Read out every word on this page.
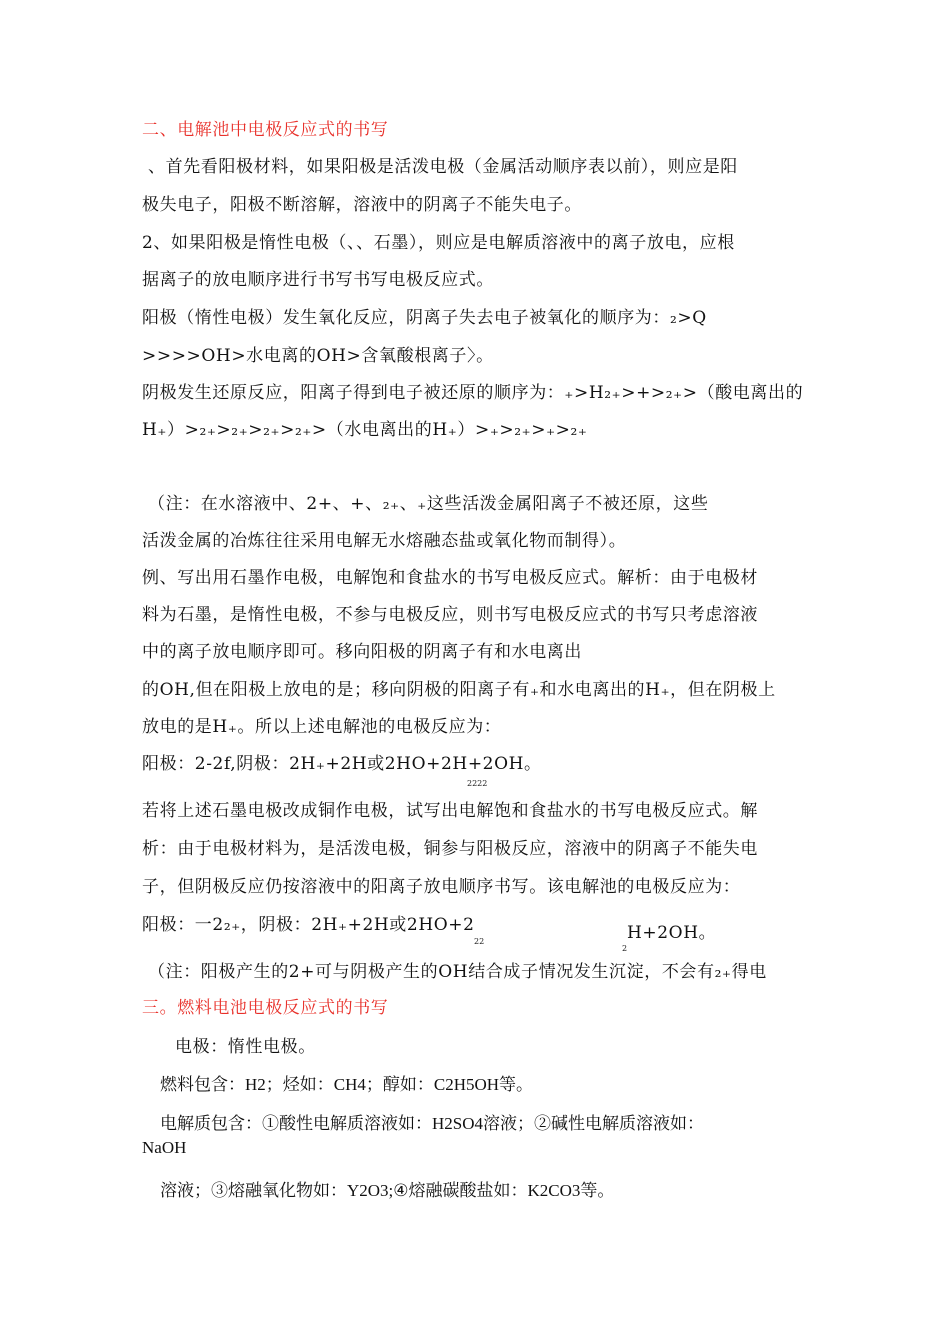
二、电解池中电极反应式的书写
、首先看阳极材料，如果阳极是活泼电极（金属活动顺序表以前），则应是阳
极失电子，阳极不断溶解，溶液中的阴离子不能失电子。
2、如果阳极是惰性电极（、、石墨），则应是电解质溶液中的离子放电，应根
据离子的放电顺序进行书写书写电极反应式。
阳极（惰性电极）发生氧化反应，阴离子失去电子被氧化的顺序为：₂>Q
>>>>OH>水电离的OH>含氧酸根离子〉。
阴极发生还原反应，阳离子得到电子被还原的顺序为：₊>H₂₊>+>₂₊>（酸电离出的
H₊）>₂₊>₂₊>₂₊>₂₊>（水电离出的H₊）>₊>₂₊>₊>₂₊
（注：在水溶液中、2+、+、₂₊、₊这些活泼金属阳离子不被还原，这些
活泼金属的冶炼往往采用电解无水熔融态盐或氧化物而制得）。
例、写出用石墨作电极，电解饱和食盐水的书写电极反应式。解析：由于电极材
料为石墨，是惰性电极，不参与电极反应，则书写电极反应式的书写只考虑溶液
中的离子放电顺序即可。移向阳极的阴离子有和水电离出
的OH,但在阳极上放电的是；移向阴极的阳离子有₊和水电离出的H₊，但在阴极上
放电的是H₊。所以上述电解池的电极反应为：
阳极：2-2f,阴极：2H₊+2H或2HO+2H+2OH。
2222
若将上述石墨电极改成铜作电极，试写出电解饱和食盐水的书写电极反应式。解
析：由于电极材料为，是活泼电极，铜参与阳极反应，溶液中的阴离子不能失电
子，但阴极反应仍按溶液中的阳离子放电顺序书写。该电解池的电极反应为：
阳极：一2₂₊，阴极：2H₊+2H或2HO+2
22	H+2OH。
2
（注：阳极产生的2+可与阴极产生的OH结合成子情况发生沉淀，不会有₂₊得电
三。燃料电池电极反应式的书写
电极：惰性电极。
燃料包含：H2；烃如：CH4；醇如：C2H5OH等。
电解质包含：①酸性电解质溶液如：H2SO4溶液；②碱性电解质溶液如：
NaOH
溶液；③熔融氧化物如：Y2O3;④熔融碳酸盐如：K2CO3等。
